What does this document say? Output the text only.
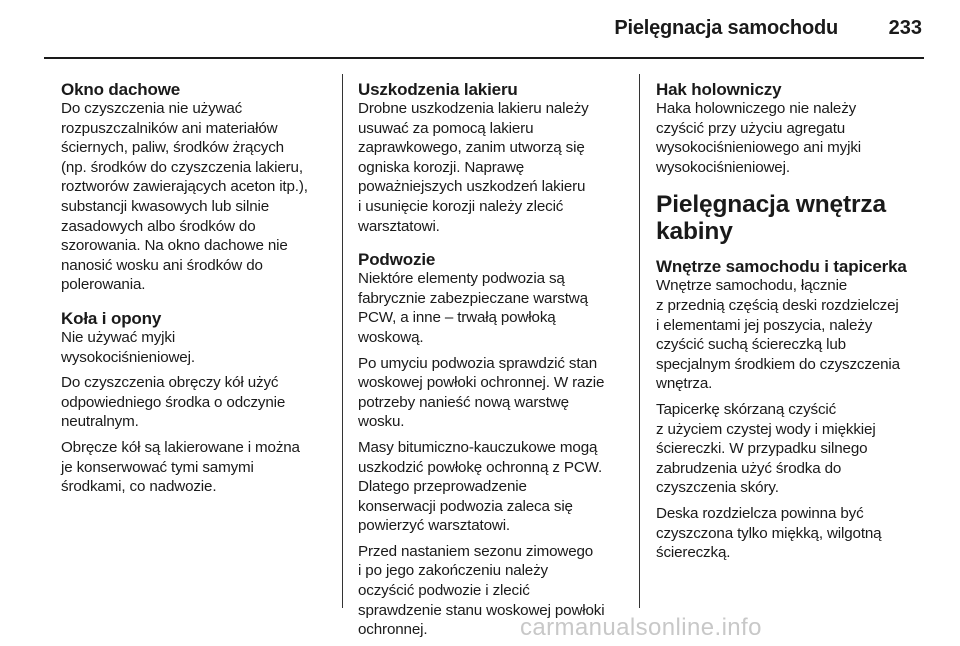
Pielęgnacja samochodu	233
Okno dachowe

Do czyszczenia nie używać
rozpuszczalników ani materiałów
ściernych, paliw, środków żrących
(np. środków do czyszczenia lakieru,
roztworów zawierających aceton itp.),
substancji kwasowych lub silnie
zasadowych albo środków do
szorowania. Na okno dachowe nie
nanosić wosku ani środków do
polerowania.

Koła i opony

Nie używać myjki
wysokociśnieniowej.

Do czyszczenia obręczy kół użyć
odpowiedniego środka o odczynie
neutralnym.

Obręcze kół są lakierowane i można
je konserwować tymi samymi
środkami, co nadwozie.

Uszkodzenia lakieru

Drobne uszkodzenia lakieru należy
usuwać za pomocą lakieru
zaprawkowego, zanim utworzą się
ogniska korozji. Naprawę
poważniejszych uszkodzeń lakieru
i usunięcie korozji należy zlecić
warsztatowi.

Podwozie

Niektóre elementy podwozia są
fabrycznie zabezpieczane warstwą
PCW, a inne – trwałą powłoką
woskową.

Po umyciu podwozia sprawdzić stan
woskowej powłoki ochronnej. W razie
potrzeby nanieść nową warstwę
wosku.

Masy bitumiczno-kauczukowe mogą
uszkodzić powłokę ochronną z PCW.
Dlatego przeprowadzenie
konserwacji podwozia zaleca się
powierzyć warsztatowi.

Przed nastaniem sezonu zimowego
i po jego zakończeniu należy
oczyścić podwozie i zlecić
sprawdzenie stanu woskowej powłoki
ochronnej.

Hak holowniczy

Haka holowniczego nie należy
czyścić przy użyciu agregatu
wysokociśnieniowego ani myjki
wysokociśnieniowej.

Pielęgnacja wnętrza
kabiny
Wnętrze samochodu i tapicerka

Wnętrze samochodu, łącznie
z przednią częścią deski rozdzielczej
i elementami jej poszycia, należy
czyścić suchą ściereczką lub
specjalnym środkiem do czyszczenia
wnętrza.

Tapicerkę skórzaną czyścić
z użyciem czystej wody i miękkiej
ściereczki. W przypadku silnego
zabrudzenia użyć środka do
czyszczenia skóry.

Deska rozdzielcza powinna być
czyszczona tylko miękką, wilgotną
ściereczką.

carmanualsonline.info
